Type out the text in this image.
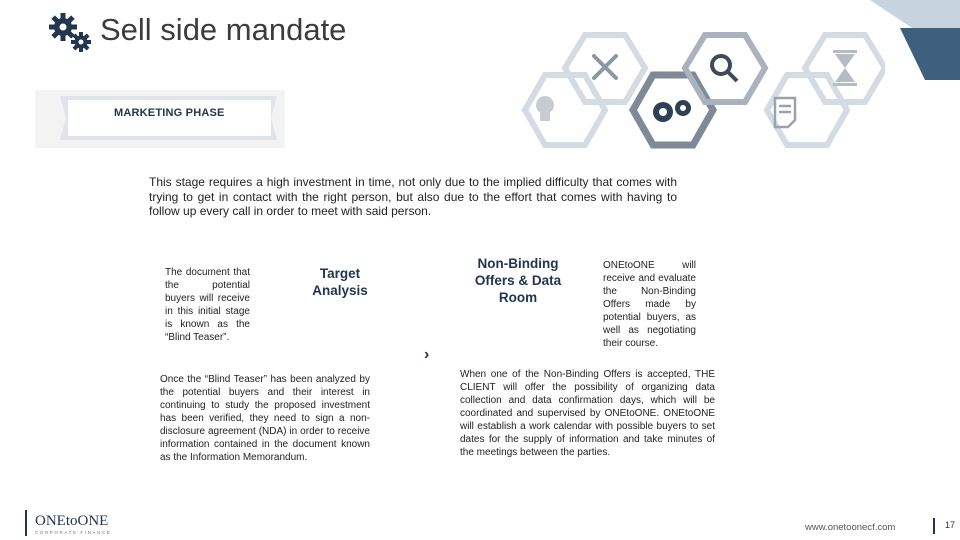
Sell side mandate
MARKETING PHASE
This stage requires a high investment in time, not only due to the implied difficulty that comes with trying to get in contact with the right person, but also due to the effort that comes with having to follow up every call in order to meet with said person.
The document that the potential buyers will receive in this initial stage is known as the “Blind Teaser”.
Target Analysis
Once the “Blind Teaser” has been analyzed by the potential buyers and their interest in continuing to study the proposed investment has been verified, they need to sign a non-disclosure agreement (NDA) in order to receive information contained in the document known as the Information Memorandum.
›
Non-Binding Offers & Data Room
ONEtoONE will receive and evaluate the Non-Binding Offers made by potential buyers, as well as negotiating their course.
When one of the Non-Binding Offers is accepted, THE CLIENT will offer the possibility of organizing data collection and data confirmation days, which will be coordinated and supervised by ONEtoONE. ONEtoONE will establish a work calendar with possible buyers to set dates for the supply of information and take minutes of the meetings between the parties.
ONEtoONE
CORPORATE FINANCE	www.onetoonecf.com	17
